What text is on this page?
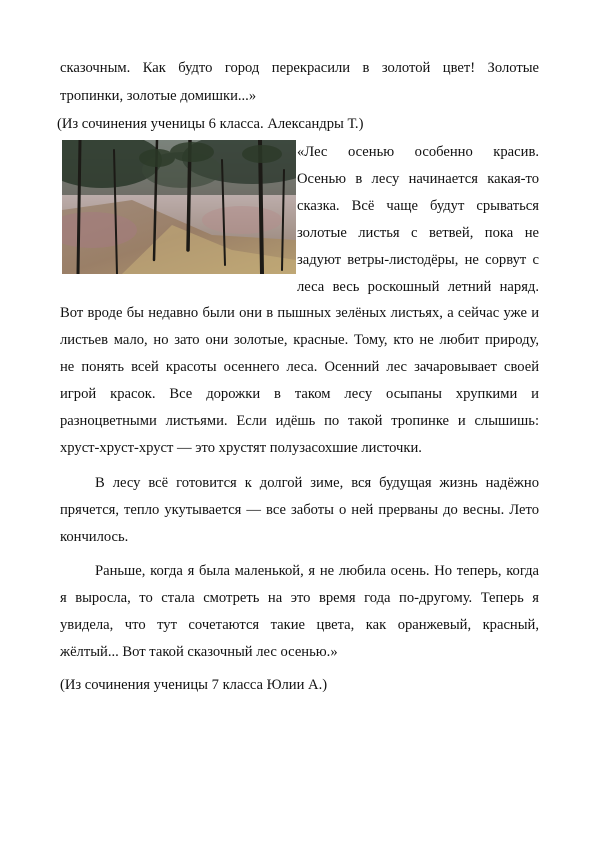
сказочным. Как будто город перекрасили в золотой цвет! Золотые
тропинки, золотые домишки...»
(Из сочинения ученицы 6 класса. Александры Т.)
«Лес осенью особенно красив.
Осенью в лесу начинается какая-то
сказка. Всё чаще будут срываться
золотые листья с ветвей, пока не
задуют ветры-листодёры, не сорвут с
леса весь роскошный летний наряд.
Вот вроде бы недавно были они в пышных зелёных листьях, а сейчас уже и
листьев мало, но зато они золотые, красные. Тому, кто не любит природу,
не понять всей красоты осеннего леса. Осенний лес зачаровывает своей
игрой красок. Все дорожки в таком лесу осыпаны хрупкими и
разноцветными листьями. Если идёшь по такой тропинке и слышишь:
хруст-хруст-хруст — это хрустят полузасохшие листочки.
В лесу всё готовится к долгой зиме, вся будущая жизнь надёжно
прячется, тепло укутывается — все заботы о ней прерваны до весны. Лето
кончилось.
Раньше, когда я была маленькой, я не любила осень. Но теперь, когда
я выросла, то стала смотреть на это время года по-другому. Теперь я
увидела, что тут сочетаются такие цвета, как оранжевый, красный,
жёлтый... Вот такой сказочный лес осенью.»
(Из сочинения ученицы 7 класса Юлии А.)
